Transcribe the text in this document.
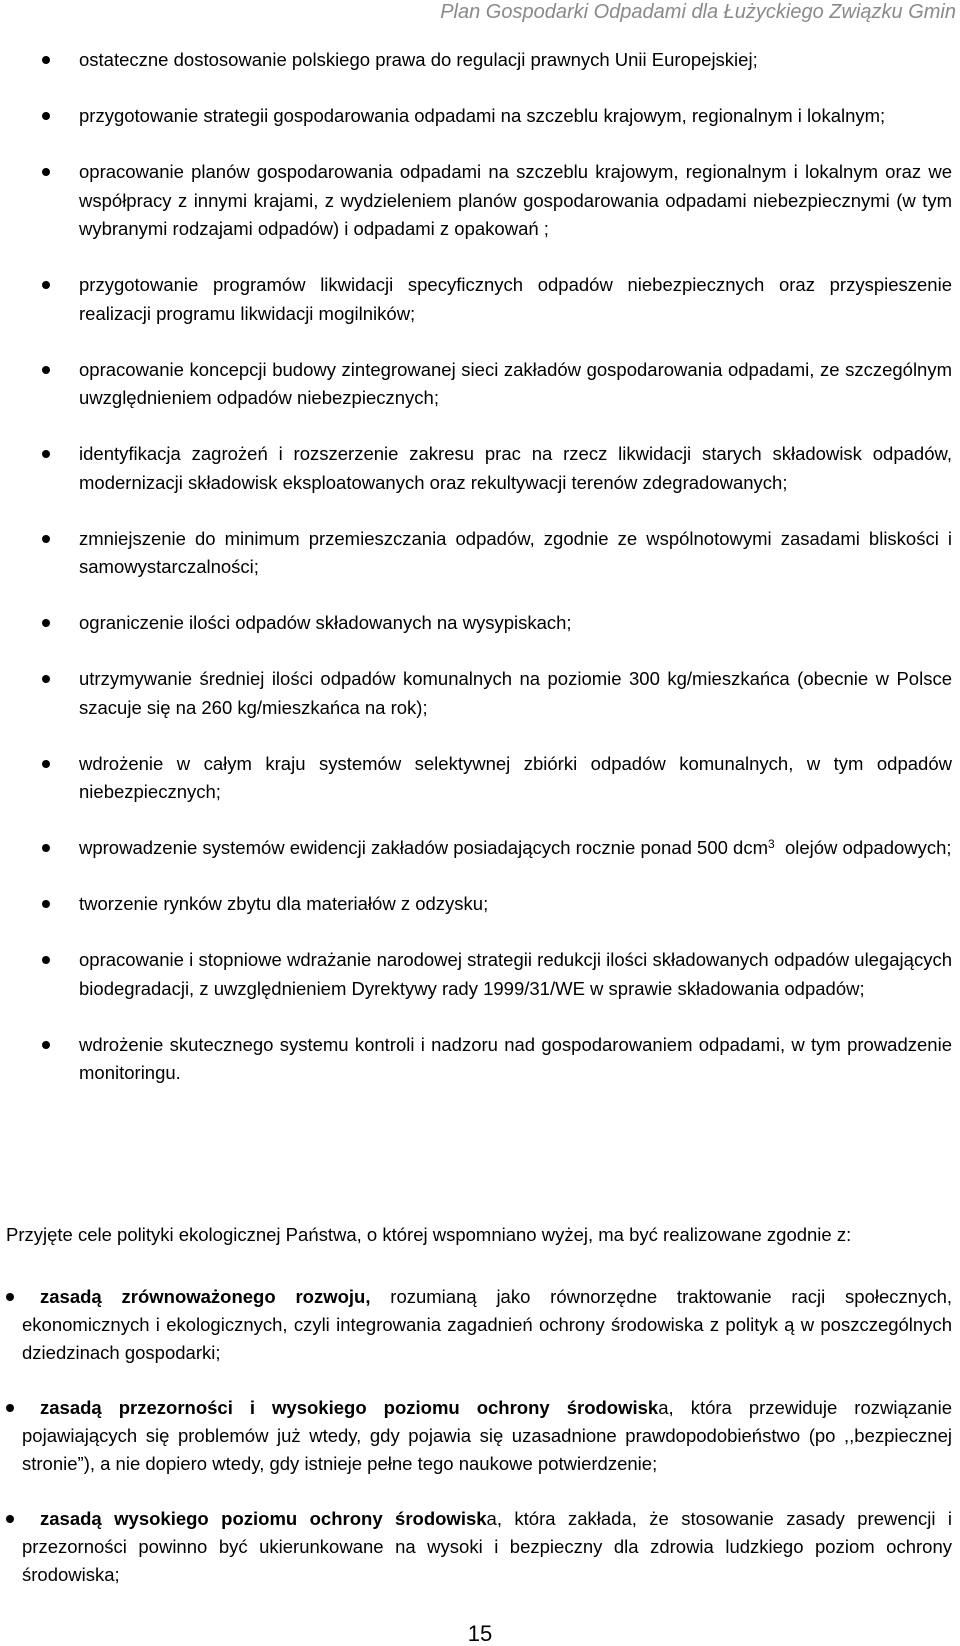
Plan Gospodarki Odpadami dla Łużyckiego Związku Gmin
ostateczne dostosowanie polskiego prawa do regulacji prawnych Unii Europejskiej;
przygotowanie strategii gospodarowania odpadami na szczeblu krajowym, regionalnym i lokalnym;
opracowanie planów gospodarowania odpadami na szczeblu krajowym, regionalnym i lokalnym oraz we współpracy z innymi krajami, z wydzieleniem planów gospodarowania odpadami niebezpiecznymi (w tym wybranymi rodzajami odpadów) i odpadami z opakowań ;
przygotowanie programów likwidacji specyficznych odpadów niebezpiecznych oraz przyspieszenie realizacji programu likwidacji mogilników;
opracowanie koncepcji budowy zintegrowanej sieci zakładów gospodarowania odpadami, ze szczególnym uwzględnieniem odpadów niebezpiecznych;
identyfikacja zagrożeń i rozszerzenie zakresu prac na rzecz likwidacji starych składowisk odpadów, modernizacji składowisk eksploatowanych oraz rekultywacji terenów zdegradowanych;
zmniejszenie do minimum przemieszczania odpadów, zgodnie ze wspólnotowymi zasadami bliskości i samowystarczalności;
ograniczenie ilości odpadów składowanych na wysypiskach;
utrzymywanie średniej ilości odpadów komunalnych na poziomie 300 kg/mieszkańca (obecnie w Polsce szacuje się na 260 kg/mieszkańca na rok);
wdrożenie w całym kraju systemów selektywnej zbiórki odpadów komunalnych, w tym odpadów niebezpiecznych;
wprowadzenie systemów ewidencji zakładów posiadających rocznie ponad 500 dcm$^3$  olejów odpadowych;
tworzenie rynków zbytu dla materiałów z odzysku;
opracowanie i stopniowe wdrażanie narodowej strategii redukcji ilości składowanych odpadów ulegających biodegradacji, z uwzględnieniem Dyrektywy rady 1999/31/WE w sprawie składowania odpadów;
wdrożenie skutecznego systemu kontroli i nadzoru nad gospodarowaniem odpadami, w tym prowadzenie monitoringu.

Przyjęte cele polityki ekologicznej Państwa, o której wspomniano wyżej, ma być realizowane zgodnie z:

zasadą zrównoważonego rozwoju, rozumianą jako równorzędne traktowanie racji społecznych, ekonomicznych i ekologicznych, czyli integrowania zagadnień ochrony środowiska z polityk ą w poszczególnych dziedzinach gospodarki;
zasadą przezorności i wysokiego poziomu ochrony środowiska, która przewiduje rozwiązanie pojawiających się problemów już wtedy, gdy pojawia się uzasadnione prawdopodobieństwo (po ,,bezpiecznej stronie”), a nie dopiero wtedy, gdy istnieje pełne tego naukowe potwierdzenie;
zasadą wysokiego poziomu ochrony środowiska, która zakłada, że stosowanie zasady prewencji i przezorności powinno być ukierunkowane na wysoki i bezpieczny dla zdrowia ludzkiego poziom ochrony środowiska;
15
